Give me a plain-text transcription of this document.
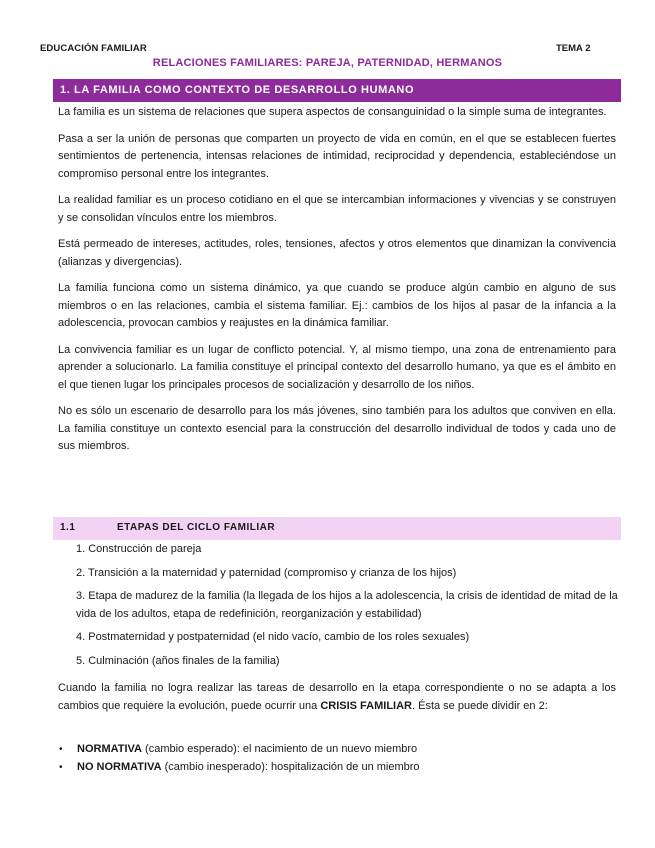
EDUCACIÓN FAMILIAR	TEMA 2
RELACIONES FAMILIARES: PAREJA, PATERNIDAD, HERMANOS
1. LA FAMILIA COMO CONTEXTO DE DESARROLLO HUMANO

La familia es un sistema de relaciones que supera aspectos de consanguinidad o la simple suma de integrantes.

Pasa a ser la unión de personas que comparten un proyecto de vida en común, en el que se establecen fuertes sentimientos de pertenencia, intensas relaciones de intimidad, reciprocidad y dependencia, estableciéndose un compromiso personal entre los integrantes.

La realidad familiar es un proceso cotidiano en el que se intercambian informaciones y vivencias y se construyen y se consolidan vínculos entre los miembros.

Está permeado de intereses, actitudes, roles, tensiones, afectos y otros elementos que dinamizan la convivencia (alianzas y divergencias).

La familia funciona como un sistema dinámico, ya que cuando se produce algún cambio en alguno de sus miembros o en las relaciones, cambia el sistema familiar. Ej.: cambios de los hijos al pasar de la infancia a la adolescencia, provocan cambios y reajustes en la dinámica familiar.

La convivencia familiar es un lugar de conflicto potencial. Y, al mismo tiempo, una zona de entrenamiento para aprender a solucionarlo. La familia constituye el principal contexto del desarrollo humano, ya que es el ámbito en el que tienen lugar los principales procesos de socialización y desarrollo de los niños.

No es sólo un escenario de desarrollo para los más jóvenes, sino también para los adultos que conviven en ella. La familia constituye un contexto esencial para la construcción del desarrollo individual de todos y cada uno de sus miembros.

1.1	ETAPAS DEL CICLO FAMILIAR
1. Construcción de pareja
2. Transición a la maternidad y paternidad (compromiso y crianza de los hijos)
3. Etapa de madurez de la familia (la llegada de los hijos a la adolescencia, la crisis de identidad de mitad de la vida de los adultos, etapa de redefinición, reorganización y estabilidad)
4. Postmaternidad y postpaternidad (el nido vacío, cambio de los roles sexuales)
5. Culminación (años finales de la familia)

Cuando la familia no logra realizar las tareas de desarrollo en la etapa correspondiente o no se adapta a los cambios que requiere la evolución, puede ocurrir una CRISIS FAMILIAR. Ésta se puede dividir en 2:

•	NORMATIVA (cambio esperado): el nacimiento de un nuevo miembro
•	NO NORMATIVA (cambio inesperado): hospitalización de un miembro
